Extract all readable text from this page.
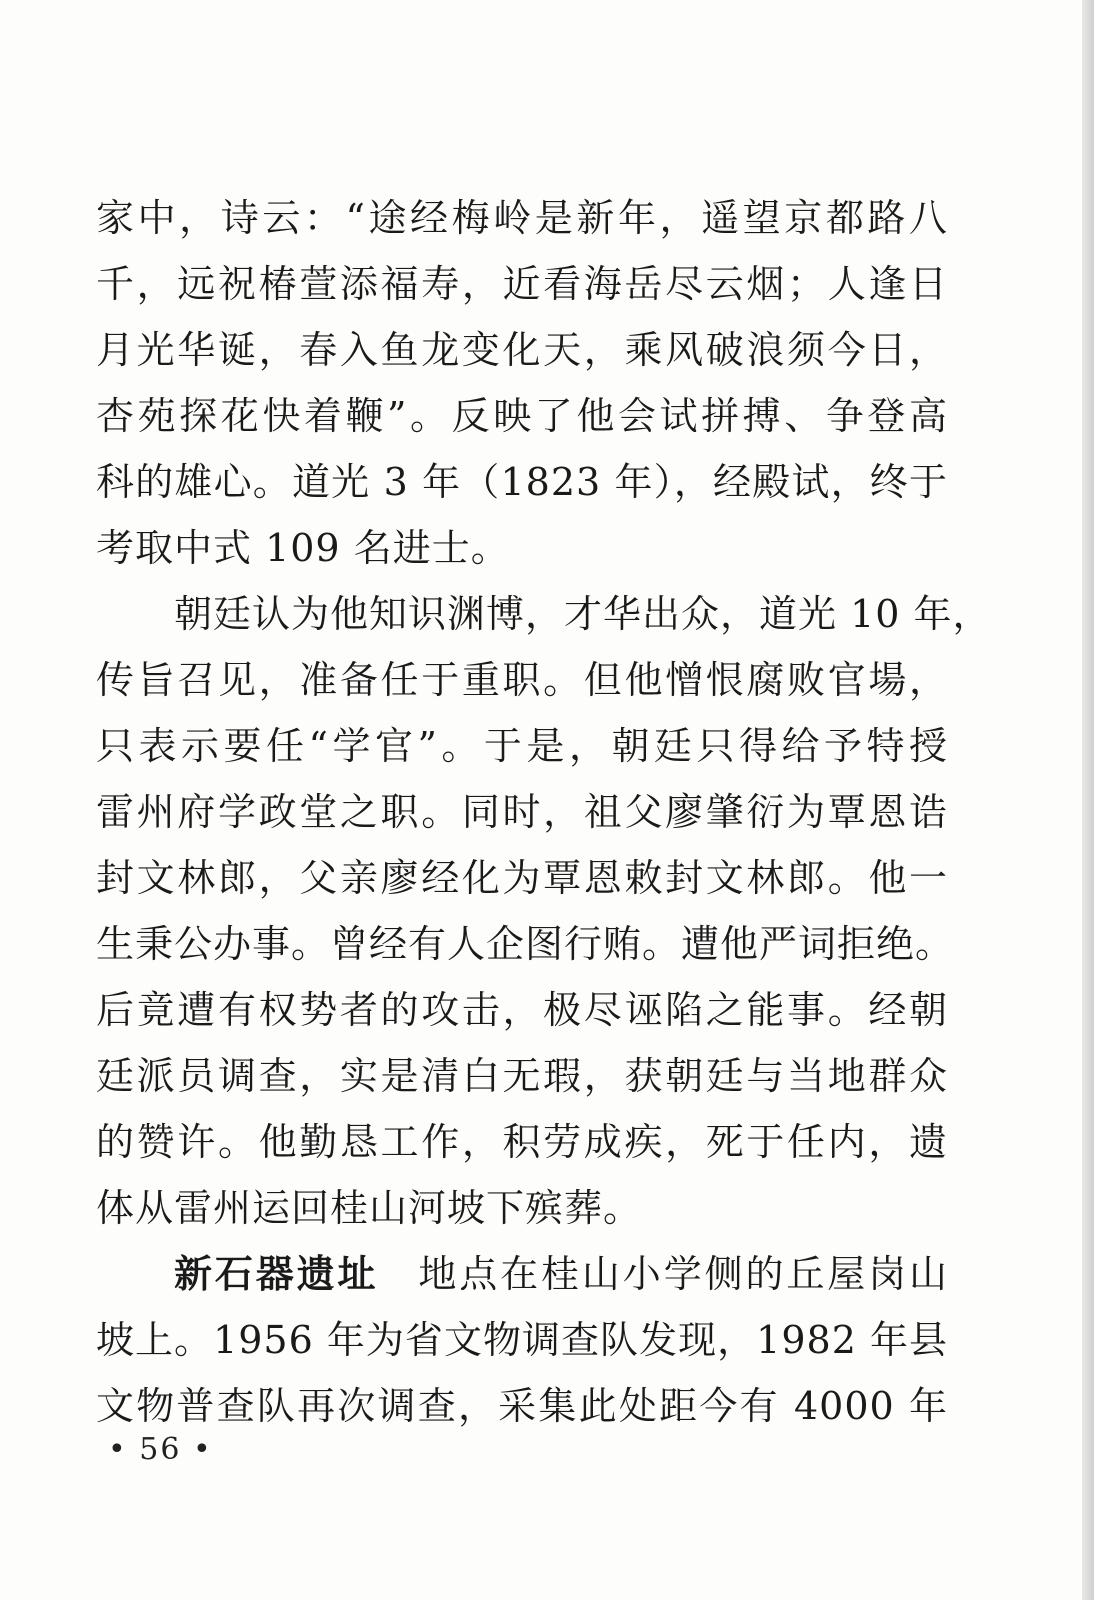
家中，诗云：“途经梅岭是新年，遥望京都路八
千，远祝椿萱添福寿，近看海岳尽云烟；人逢日
月光华诞，春入鱼龙变化天，乘风破浪须今日，
杏苑探花快着鞭”。反映了他会试拼搏、争登高
科的雄心。道光 3 年（1823 年），经殿试，终于
考取中式 109 名进士。
朝廷认为他知识渊博，才华出众，道光 10 年，
传旨召见，准备任于重职。但他憎恨腐败官場，
只表示要任“学官”。于是，朝廷只得给予特授
雷州府学政堂之职。同时，祖父廖肇衍为覃恩诰
封文林郎，父亲廖经化为覃恩敕封文林郎。他一
生秉公办事。曾经有人企图行贿。遭他严词拒绝。
后竟遭有权势者的攻击，极尽诬陷之能事。经朝
廷派员调查，实是清白无瑕，获朝廷与当地群众
的赞许。他勤恳工作，积劳成疾，死于任内，遗
体从雷州运回桂山河坡下殡葬。
新石器遗址 地点在桂山小学侧的丘屋岗山
坡上。1956 年为省文物调查队发现，1982 年县
文物普查队再次调查，采集此处距今有 4000 年
• 56 •
